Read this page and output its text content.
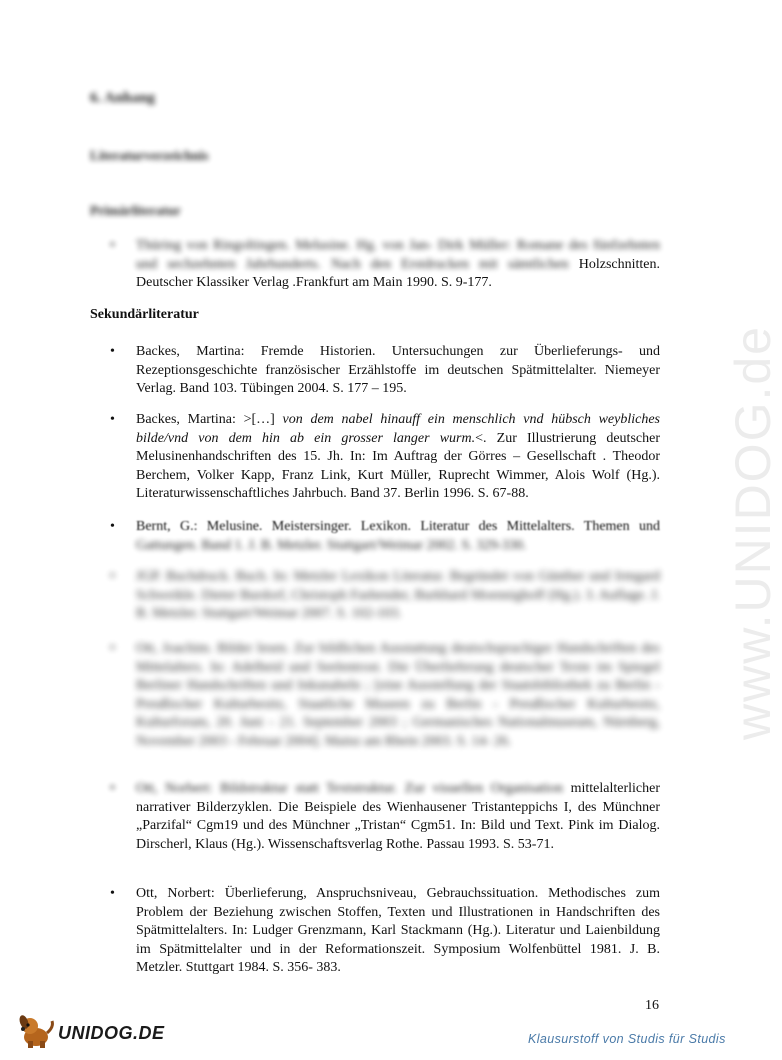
www.UNIDOG.de
6. Anhang
Literaturverzeichnis
Primärliteratur
• Thüring von Ringoltingen. Melusine. Hg. von Jan- Dirk Müller: Romane des fünfzehnten und sechzehnten Jahrhunderts. Nach den Erstdrucken mit sämtlichen Holzschnitten. Deutscher Klassiker Verlag .Frankfurt am Main 1990. S. 9-177.
Sekundärliteratur
• Backes, Martina: Fremde Historien. Untersuchungen zur Überlieferungs- und Rezeptionsgeschichte französischer Erzählstoffe im deutschen Spätmittelalter. Niemeyer Verlag. Band 103. Tübingen 2004. S. 177 – 195.
• Backes, Martina: >[…] von dem nabel hinauff ein menschlich vnd hübsch weybliches bilde/vnd von dem hin ab ein grosser langer wurm.<. Zur Illustrierung deutscher Melusinenhandschriften des 15. Jh. In: Im Auftrag der Görres – Gesellschaft . Theodor Berchem, Volker Kapp, Franz Link, Kurt Müller, Ruprecht Wimmer, Alois Wolf (Hg.). Literaturwissenschaftliches Jahrbuch. Band 37. Berlin 1996. S. 67-88.
• Bernt, G.: Melusine. Meistersinger. Lexikon. Literatur des Mittelalters. Themen und Gattungen. Band 1. J. B. Metzler. Stuttgart/Weimar 2002. S. 329-330.
• JGP. Buchdruck. Buch. In: Metzler Lexikon Literatur. Begründet von Günther und Irmgard Schweikle. Dieter Burdorf, Christoph Fasbender, Burkhard Moennighoff (Hg.). 3. Auflage. J. B. Metzler. Stuttgart/Weimar 2007. S. 102-103.
• Ott, Joachim. Bilder lesen. Zur bildlichen Ausstattung deutschsprachiger Handschriften des Mittelalters. In: Adelheid und Seelentrost. Die Überlieferung deutscher Texte im Spiegel Berliner Handschriften und Inkunabeln ; [eine Ausstellung der Staatsbibliothek zu Berlin - Preußischer Kulturbesitz, Staatliche Museen zu Berlin - Preußischer Kulturbesitz, Kulturforum, 20. Juni - 21. September 2003 ; Germanisches Nationalmuseum, Nürnberg, November 2003 - Februar 2004]. Mainz am Rhein 2003. S. 14- 26.
• Ott, Norbert: Bildstruktur statt Textstruktur. Zur visuellen Organisation mittelalterlicher narrativer Bilderzyklen. Die Beispiele des Wienhausener Tristanteppichs I, des Münchner „Parzifal“ Cgm19 und des Münchner „Tristan“ Cgm51. In: Bild und Text. Pink im Dialog. Dirscherl, Klaus (Hg.). Wissenschaftsverlag Rothe. Passau 1993. S. 53-71.
• Ott, Norbert: Überlieferung, Anspruchsniveau, Gebrauchssituation. Methodisches zum Problem der Beziehung zwischen Stoffen, Texten und Illustrationen in Handschriften des Spätmittelalters. In: Ludger Grenzmann, Karl Stackmann (Hg.). Literatur und Laienbildung im Spätmittelalter und in der Reformationszeit. Symposium Wolfenbüttel 1981. J. B. Metzler. Stuttgart 1984. S. 356- 383.
16
UNIDOG.DE	Klausurstoff von Studis für Studis
